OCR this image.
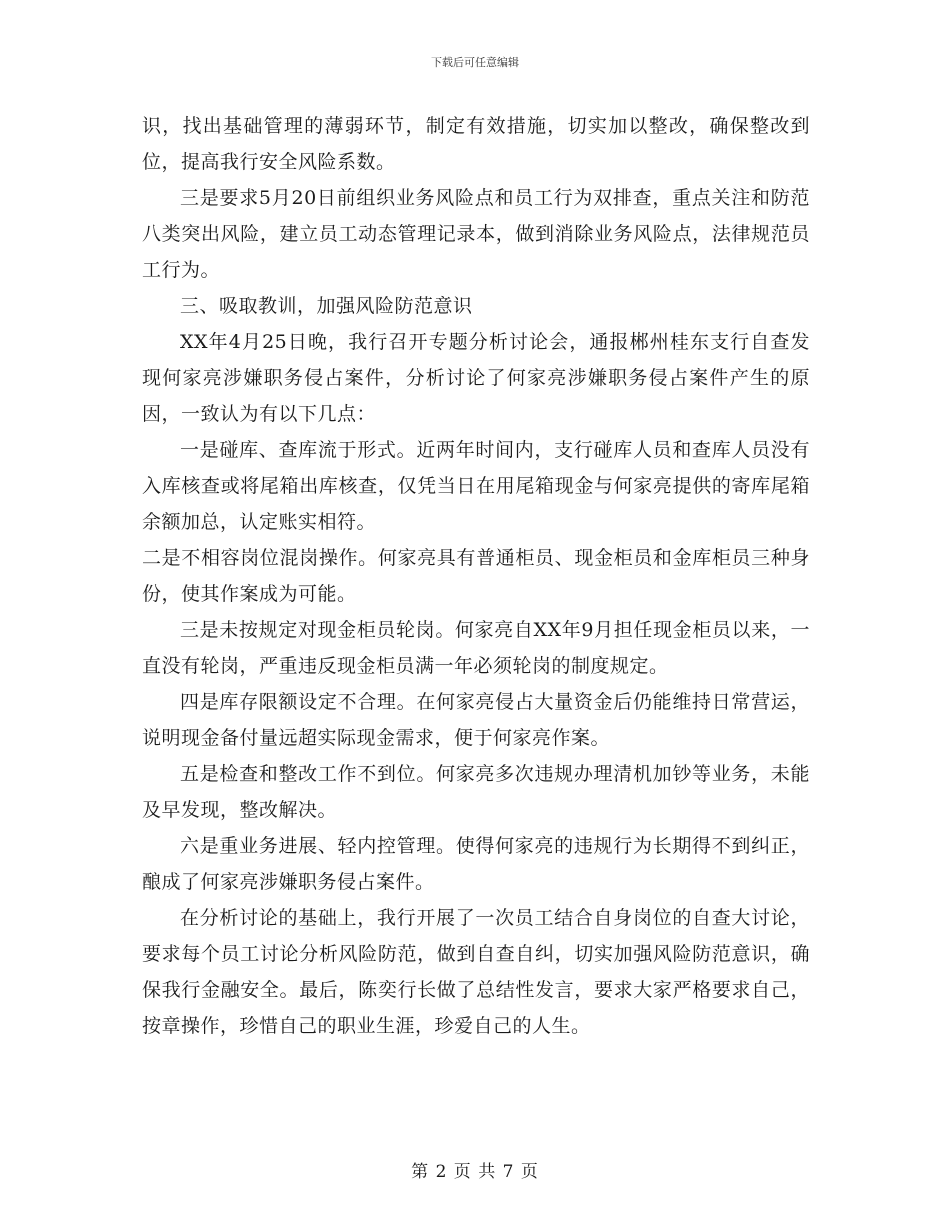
下载后可任意编辑

识，找出基础管理的薄弱环节，制定有效措施，切实加以整改，确保整改到位，提高我行安全风险系数。

三是要求5月20日前组织业务风险点和员工行为双排查，重点关注和防范八类突出风险，建立员工动态管理记录本，做到消除业务风险点，法律规范员工行为。

三、吸取教训，加强风险防范意识

XX年4月25日晚，我行召开专题分析讨论会，通报郴州桂东支行自查发现何家亮涉嫌职务侵占案件，分析讨论了何家亮涉嫌职务侵占案件产生的原因，一致认为有以下几点：

一是碰库、查库流于形式。近两年时间内，支行碰库人员和查库人员没有入库核查或将尾箱出库核查，仅凭当日在用尾箱现金与何家亮提供的寄库尾箱余额加总，认定账实相符。

二是不相容岗位混岗操作。何家亮具有普通柜员、现金柜员和金库柜员三种身份，使其作案成为可能。

三是未按规定对现金柜员轮岗。何家亮自XX年9月担任现金柜员以来，一直没有轮岗，严重违反现金柜员满一年必须轮岗的制度规定。

四是库存限额设定不合理。在何家亮侵占大量资金后仍能维持日常营运，说明现金备付量远超实际现金需求，便于何家亮作案。

五是检查和整改工作不到位。何家亮多次违规办理清机加钞等业务，未能及早发现，整改解决。

六是重业务进展、轻内控管理。使得何家亮的违规行为长期得不到纠正，酿成了何家亮涉嫌职务侵占案件。

在分析讨论的基础上，我行开展了一次员工结合自身岗位的自查大讨论，要求每个员工讨论分析风险防范，做到自查自纠，切实加强风险防范意识，确保我行金融安全。最后，陈奕行长做了总结性发言，要求大家严格要求自己，按章操作，珍惜自己的职业生涯，珍爱自己的人生。

第 2 页 共 7 页
